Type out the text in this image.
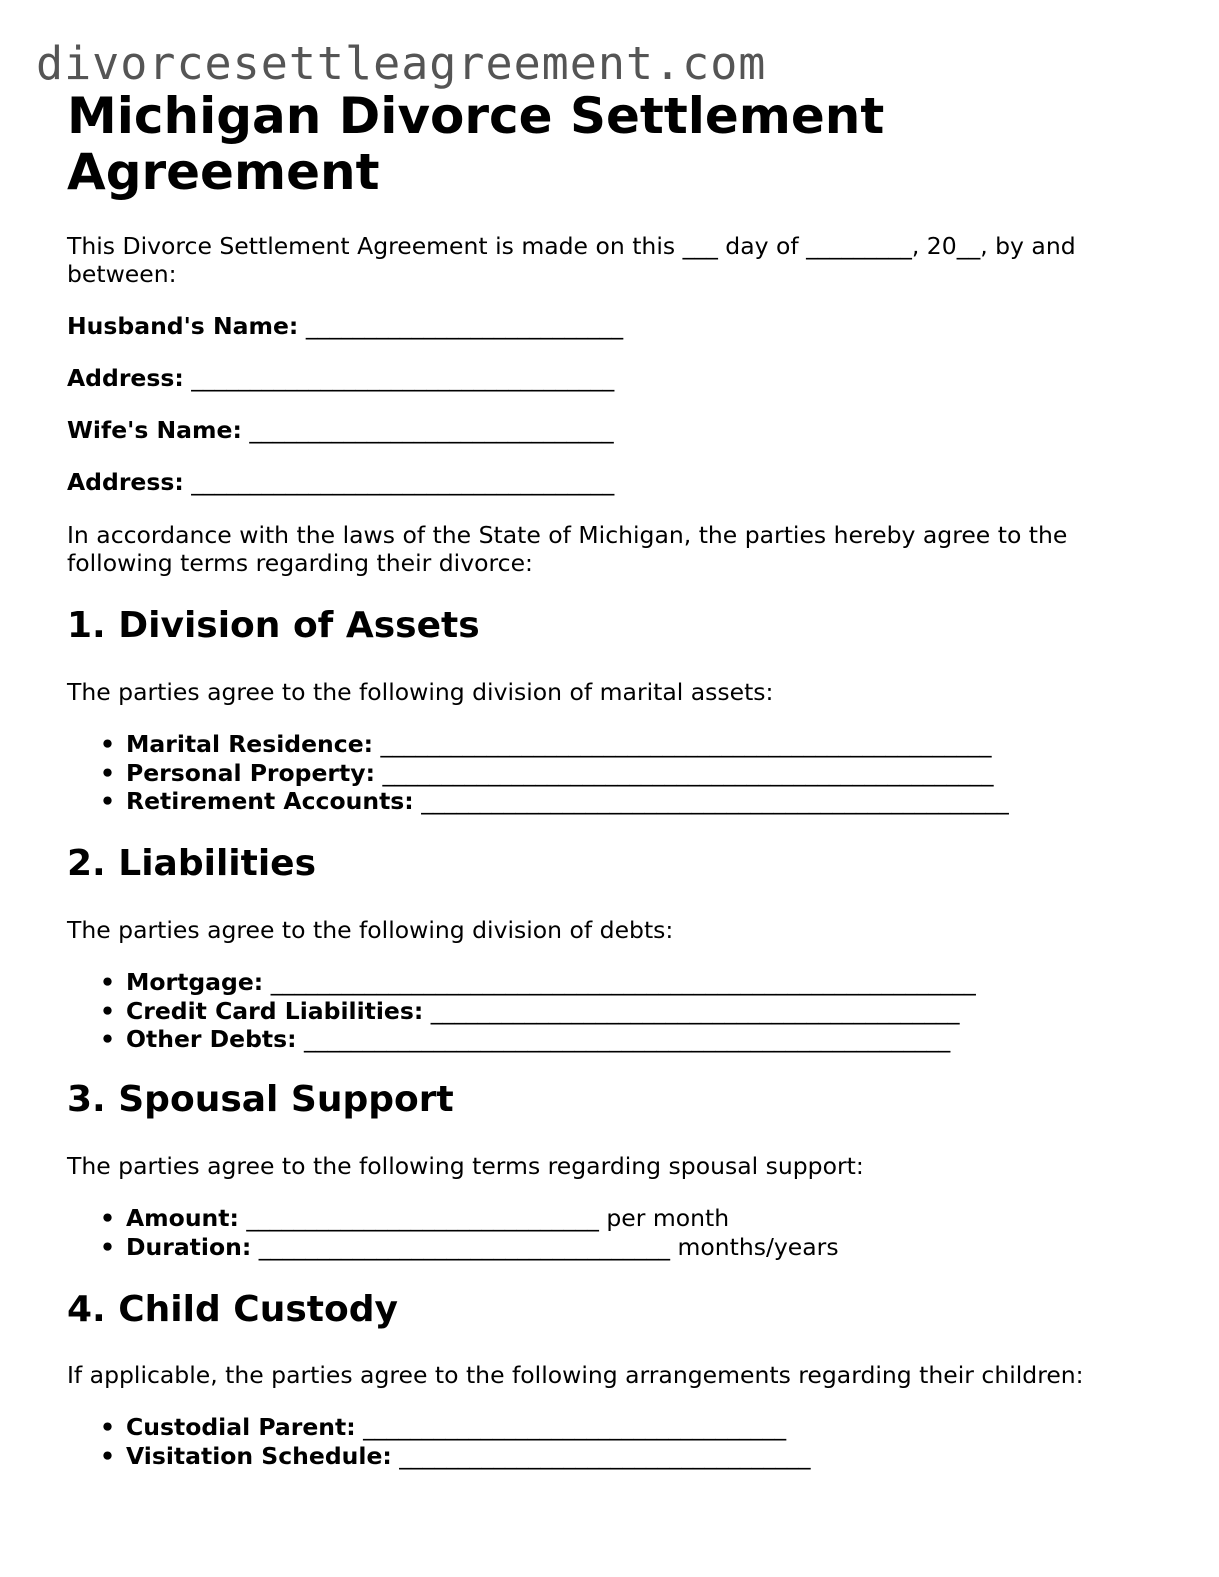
divorcesettleagreement.com
Michigan Divorce Settlement Agreement

This Divorce Settlement Agreement is made on this ___ day of _________, 20__, by and between:

Husband's Name: ___________________________

Address: ____________________________________

Wife's Name: _______________________________

Address: ____________________________________

In accordance with the laws of the State of Michigan, the parties hereby agree to the following terms regarding their divorce:

1. Division of Assets

The parties agree to the following division of marital assets:

• Marital Residence: ____________________________________________________
• Personal Property: ____________________________________________________
• Retirement Accounts: __________________________________________________
2. Liabilities

The parties agree to the following division of debts:

• Mortgage: ____________________________________________________________
• Credit Card Liabilities: _____________________________________________
• Other Debts: _______________________________________________________
3. Spousal Support

The parties agree to the following terms regarding spousal support:

• Amount: ______________________________ per month
• Duration: ___________________________________ months/years
4. Child Custody

If applicable, the parties agree to the following arrangements regarding their children:

• Custodial Parent: ____________________________________
• Visitation Schedule: ___________________________________
